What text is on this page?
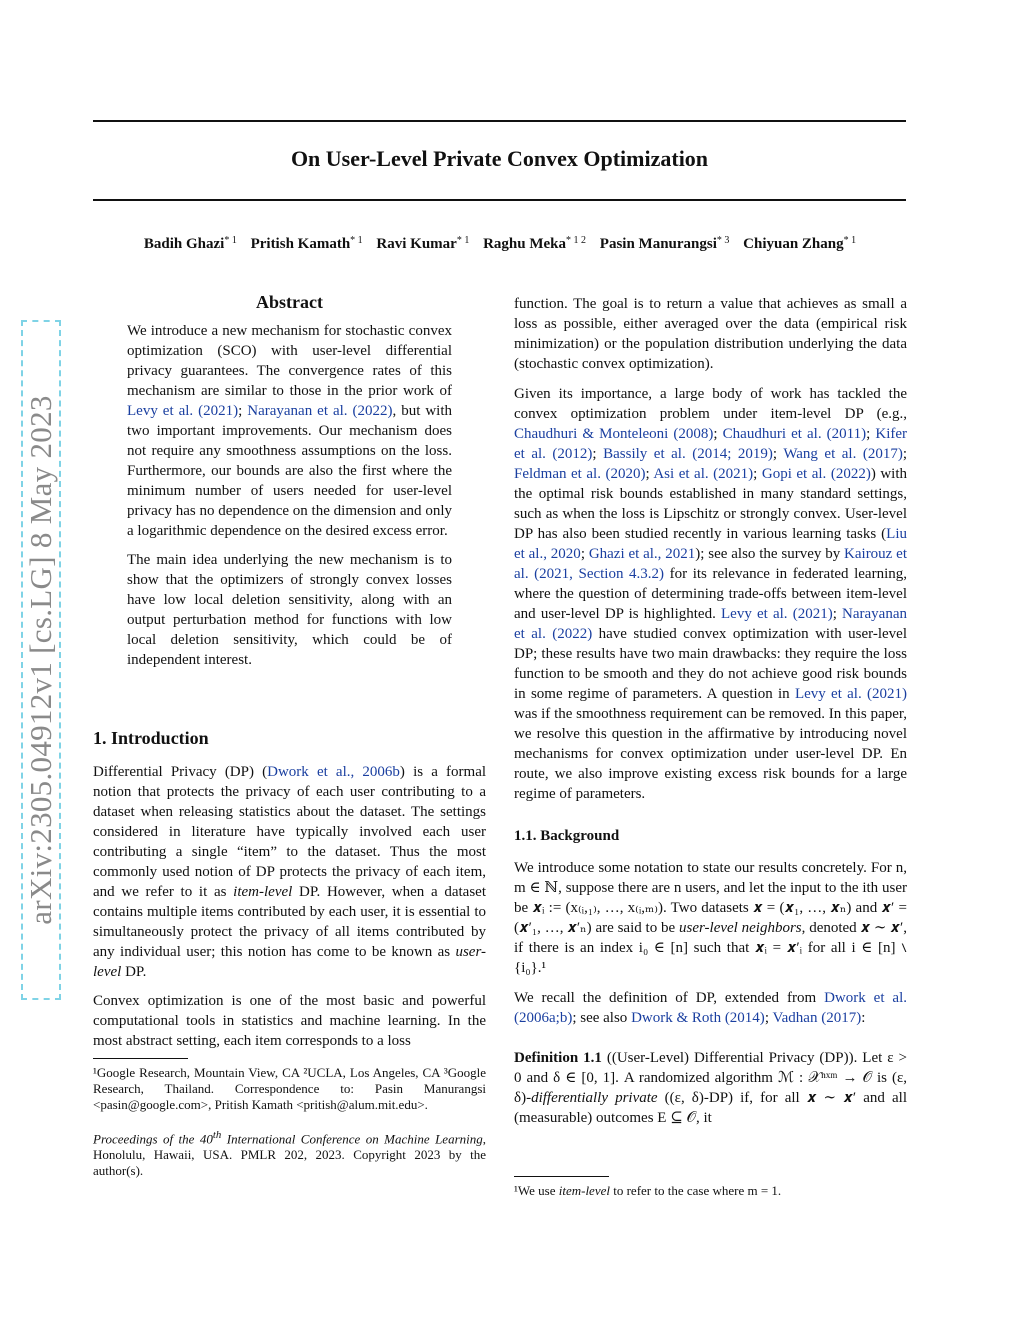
arXiv:2305.04912v1 [cs.LG] 8 May 2023
On User-Level Private Convex Optimization
Badih Ghazi$^{* 1}$ Pritish Kamath$^{* 1}$ Ravi Kumar$^{* 1}$ Raghu Meka$^{* 1 2}$ Pasin Manurangsi$^{* 3}$ Chiyuan Zhang$^{* 1}$
Abstract

We introduce a new mechanism for stochastic convex optimization (SCO) with user-level differential privacy guarantees. The convergence rates of this mechanism are similar to those in the prior work of Levy et al. (2021); Narayanan et al. (2022), but with two important improvements. Our mechanism does not require any smoothness assumptions on the loss. Furthermore, our bounds are also the first where the minimum number of users needed for user-level privacy has no dependence on the dimension and only a logarithmic dependence on the desired excess error.

The main idea underlying the new mechanism is to show that the optimizers of strongly convex losses have low local deletion sensitivity, along with an output perturbation method for functions with low local deletion sensitivity, which could be of independent interest.

1. Introduction

Differential Privacy (DP) (Dwork et al., 2006b) is a formal notion that protects the privacy of each user contributing to a dataset when releasing statistics about the dataset. The settings considered in literature have typically involved each user contributing a single “item” to the dataset. Thus the most commonly used notion of DP protects the privacy of each item, and we refer to it as item-level DP. However, when a dataset contains multiple items contributed by each user, it is essential to simultaneously protect the privacy of all items contributed by any individual user; this notion has come to be known as user-level DP.

Convex optimization is one of the most basic and powerful computational tools in statistics and machine learning. In the most abstract setting, each item corresponds to a loss

¹Google Research, Mountain View, CA ²UCLA, Los Angeles, CA ³Google Research, Thailand. Correspondence to: Pasin Manurangsi <pasin@google.com>, Pritish Kamath <pritish@alum.mit.edu>.

Proceedings of the 40th International Conference on Machine Learning, Honolulu, Hawaii, USA. PMLR 202, 2023. Copyright 2023 by the author(s).

function. The goal is to return a value that achieves as small a loss as possible, either averaged over the data (empirical risk minimization) or the population distribution underlying the data (stochastic convex optimization).

Given its importance, a large body of work has tackled the convex optimization problem under item-level DP (e.g., Chaudhuri & Monteleoni (2008); Chaudhuri et al. (2011); Kifer et al. (2012); Bassily et al. (2014; 2019); Wang et al. (2017); Feldman et al. (2020); Asi et al. (2021); Gopi et al. (2022)) with the optimal risk bounds established in many standard settings, such as when the loss is Lipschitz or strongly convex. User-level DP has also been studied recently in various learning tasks (Liu et al., 2020; Ghazi et al., 2021); see also the survey by Kairouz et al. (2021, Section 4.3.2) for its relevance in federated learning, where the question of determining trade-offs between item-level and user-level DP is highlighted. Levy et al. (2021); Narayanan et al. (2022) have studied convex optimization with user-level DP; these results have two main drawbacks: they require the loss function to be smooth and they do not achieve good risk bounds in some regime of parameters. A question in Levy et al. (2021) was if the smoothness requirement can be removed. In this paper, we resolve this question in the affirmative by introducing novel mechanisms for convex optimization under user-level DP. En route, we also improve existing excess risk bounds for a large regime of parameters.

1.1. Background

We introduce some notation to state our results concretely. For n, m ∈ ℕ, suppose there are n users, and let the input to the ith user be 𝒙ᵢ := (x₍ᵢ,₁₎, …, x₍ᵢ,ₘ₎). Two datasets 𝒙 = (𝒙₁, …, 𝒙ₙ) and 𝒙′ = (𝒙′₁, …, 𝒙′ₙ) are said to be user-level neighbors, denoted 𝒙 ∼ 𝒙′, if there is an index i₀ ∈ [n] such that 𝒙ᵢ = 𝒙′ᵢ for all i ∈ [n] ∖ {i₀}.¹

We recall the definition of DP, extended from Dwork et al. (2006a;b); see also Dwork & Roth (2014); Vadhan (2017):

Definition 1.1 ((User-Level) Differential Privacy (DP)). Let ε > 0 and δ ∈ [0, 1]. A randomized algorithm ℳ : 𝒳ⁿˣᵐ → 𝒪 is (ε, δ)-differentially private ((ε, δ)-DP) if, for all 𝒙 ∼ 𝒙′ and all (measurable) outcomes E ⊆ 𝒪, it

¹We use item-level to refer to the case where m = 1.
